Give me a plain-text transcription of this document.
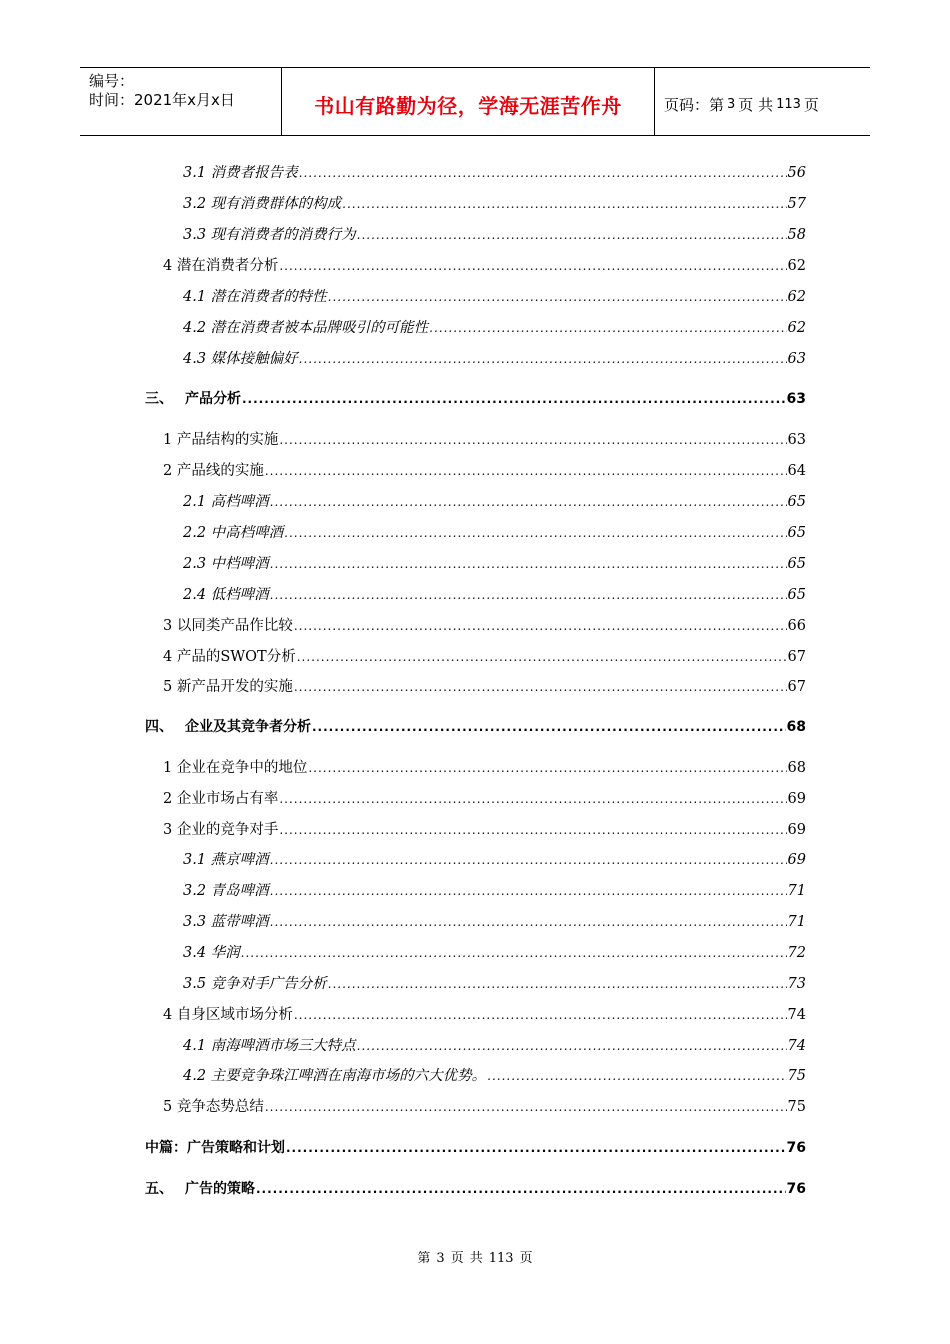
编号：
时间：2021年x月x日	书山有路勤为径，学海无涯苦作舟	页码：第 3 页 共 113 页
3.1 消费者报告表 .....	56
3.2 现有消费群体的构成 .....	57
3.3 现有消费者的消费行为 .....	58
4 潜在消费者分析 .....	62
4.1 潜在消费者的特性 .....	62
4.2 潜在消费者被本品牌吸引的可能性 .....	62
4.3 媒体接触偏好 .....	63
三、 产品分析 .....	63
1 产品结构的实施 .....	63
2 产品线的实施 .....	64
2.1 高档啤酒 .....	65
2.2 中高档啤酒 .....	65
2.3 中档啤酒 .....	65
2.4 低档啤酒 .....	65
3 以同类产品作比较 .....	66
4 产品的SWOT分析 .....	67
5 新产品开发的实施 .....	67
四、 企业及其竞争者分析 .....	68
1 企业在竞争中的地位 .....	68
2 企业市场占有率 .....	69
3 企业的竞争对手 .....	69
3.1 燕京啤酒 .....	69
3.2 青岛啤酒 .....	71
3.3 蓝带啤酒 .....	71
3.4 华润 .....	72
3.5 竞争对手广告分析 .....	73
4 自身区域市场分析 .....	74
4.1 南海啤酒市场三大特点 .....	74
4.2 主要竞争珠江啤酒在南海市场的六大优势。 .....	75
5 竞争态势总结 .....	75
中篇：广告策略和计划 .....	76
五、 广告的策略 .....	76
第 3 页 共 113 页
